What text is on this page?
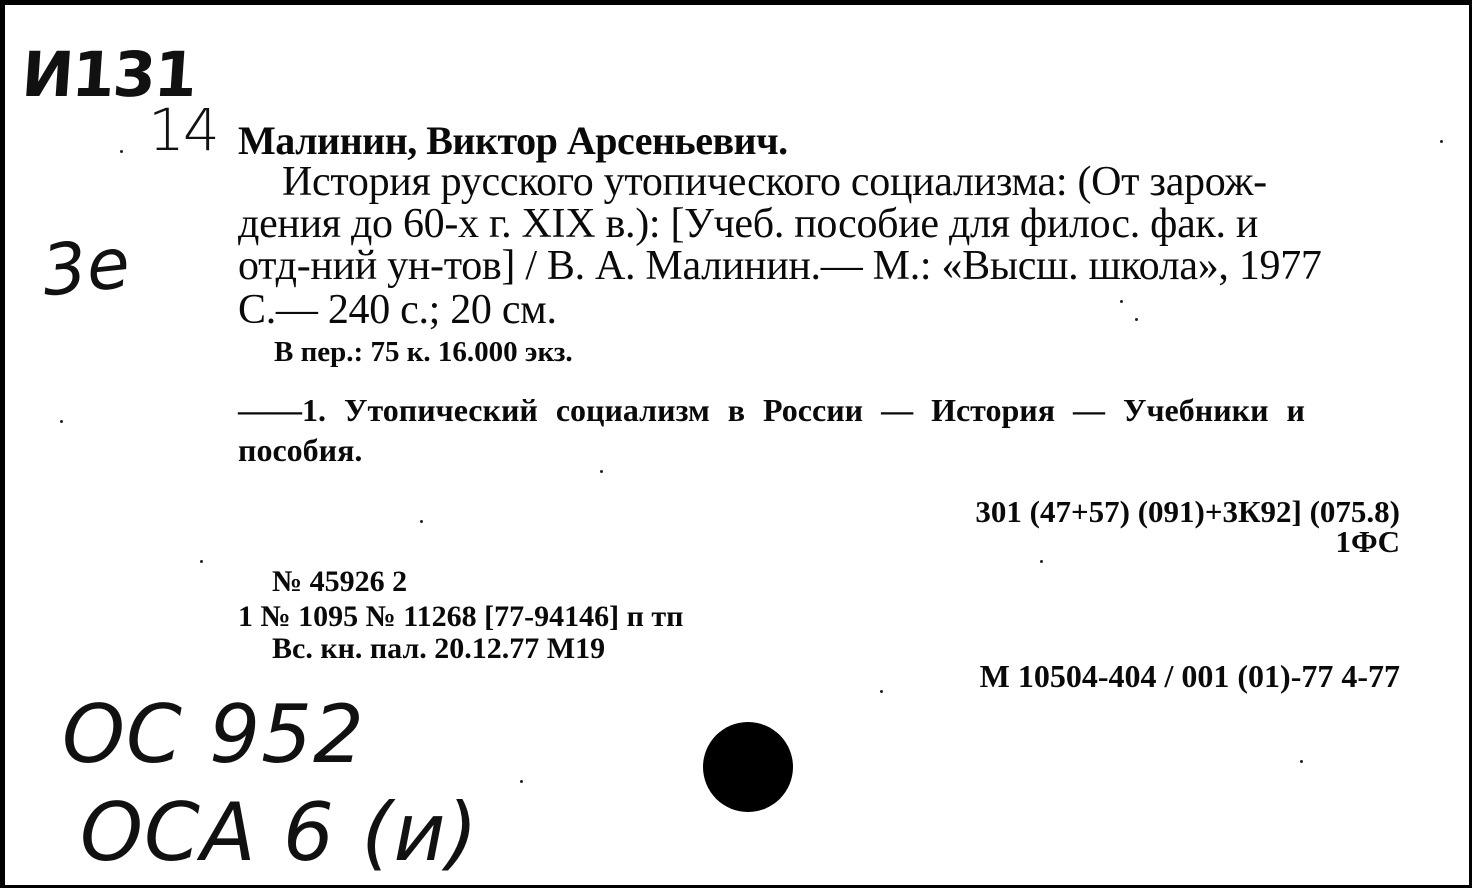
И131
14
3е
ОС 952
ОСА 6 (и)
Малинин, Виктор Арсеньевич.
История русского утопического социализма: (От зарож-
дения до 60-х г. XIX в.): [Учеб. пособие для филос. фак. и
отд-ний ун-тов] / В. А. Малинин.— М.: «Высш. школа», 1977
С.— 240 с.; 20 см.
В пер.: 75 к. 16.000 экз.
——1. Утопический социализм в России — История — Учебники и
пособия.
301 (47+57) (091)+3К92] (075.8)
1ФС
№ 45926 2
1 № 1095 № 11268 [77-94146] п тп
Вс. кн. пал. 20.12.77 М19
М 10504-404 / 001 (01)-77 4-77
